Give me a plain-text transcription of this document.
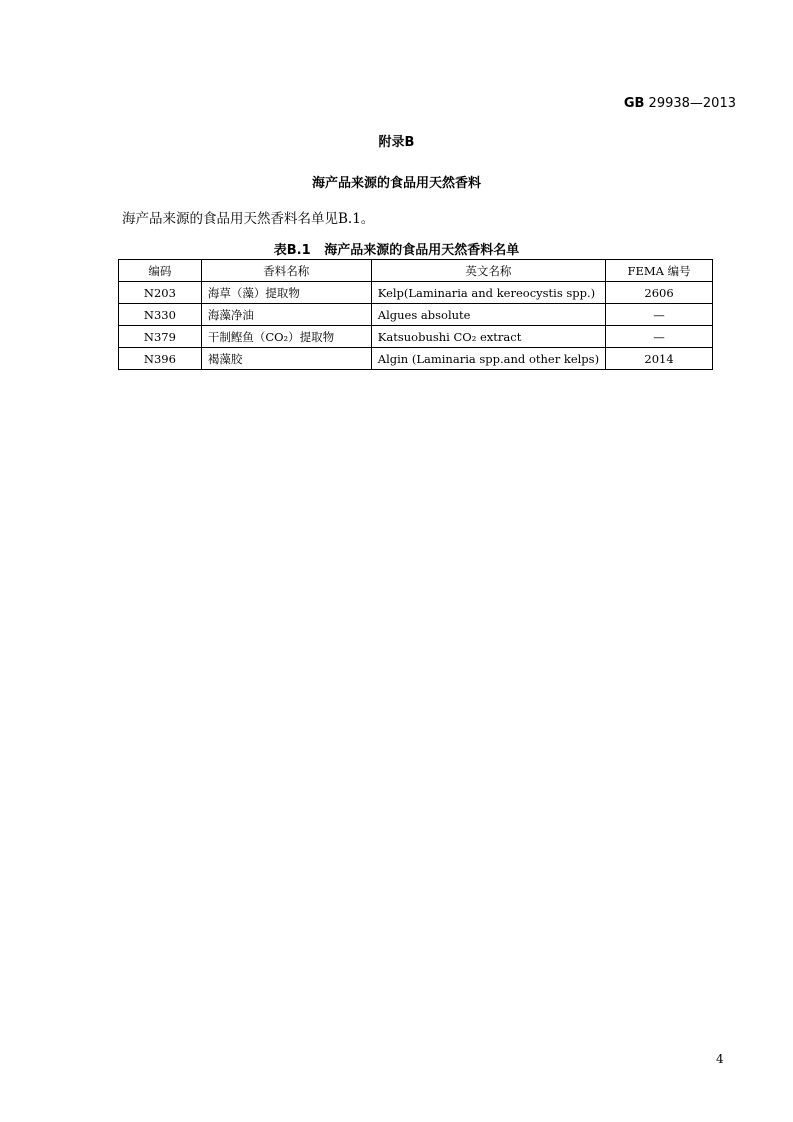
GB 29938—2013
附录B
海产品来源的食品用天然香料
海产品来源的食品用天然香料名单见B.1。
表B.1   海产品来源的食品用天然香料名单
编码	香料名称	英文名称	FEMA 编号
N203	海草（藻）提取物	Kelp(Laminaria and kereocystis spp.)	2606
N330	海藻净油	Algues absolute	—
N379	干制鲣鱼（CO₂）提取物	Katsuobushi CO₂ extract	—
N396	褐藻胶	Algin (Laminaria spp.and other kelps)	2014
4
